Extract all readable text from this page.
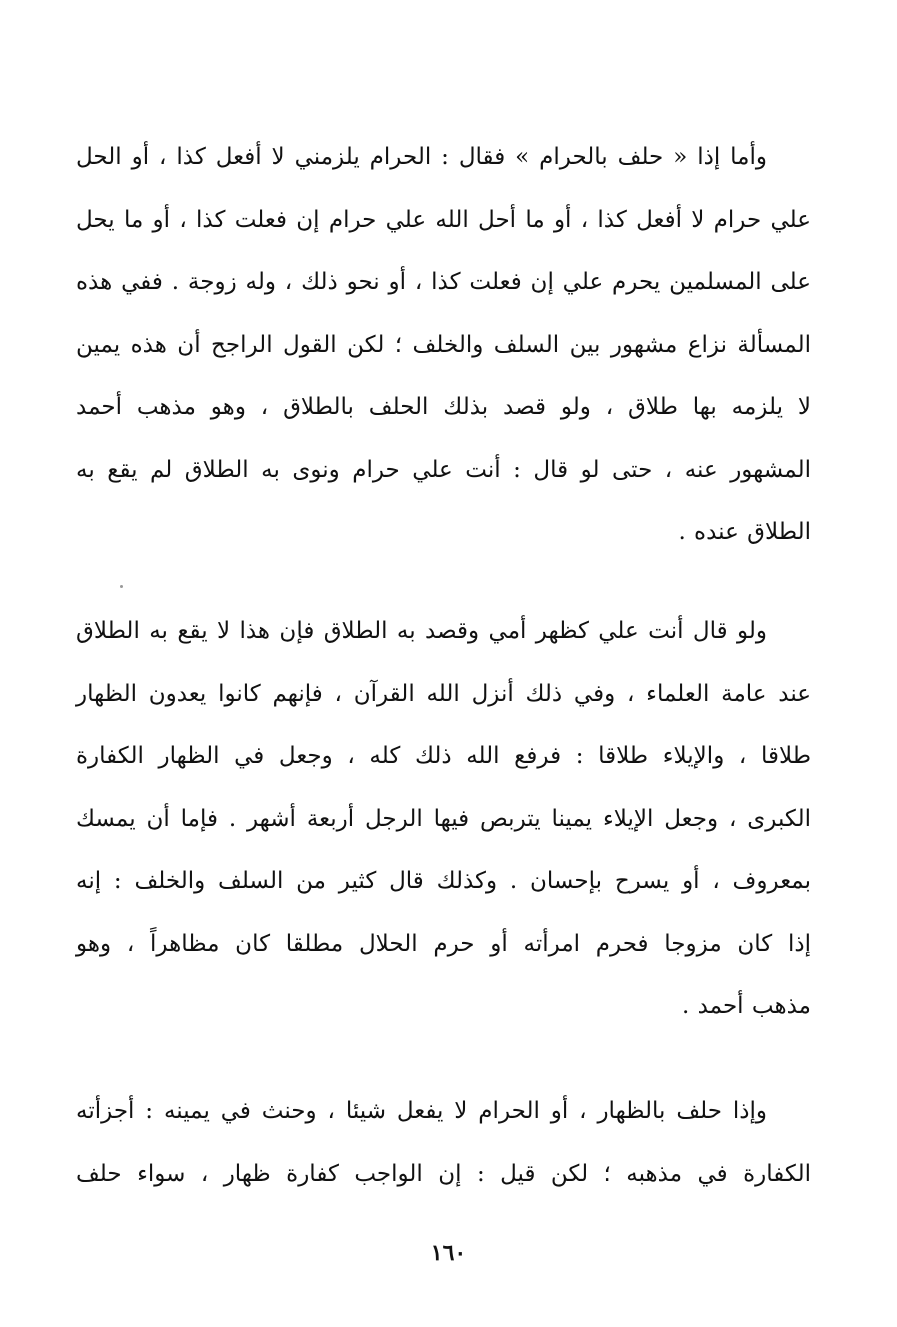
وأما إذا « حلف بالحرام » فقال : الحرام يلزمني لا أفعل كذا ، أو الحل
علي حرام لا أفعل كذا ، أو ما أحل الله علي حرام إن فعلت كذا ، أو ما يحل
على المسلمين يحرم علي إن فعلت كذا ، أو نحو ذلك ، وله زوجة . ففي هذه
المسألة نزاع مشهور بين السلف والخلف ؛ لكن القول الراجح أن هذه يمين
لا يلزمه بها طلاق ، ولو قصد بذلك الحلف بالطلاق ، وهو مذهب أحمد
المشهور عنه ، حتى لو قال : أنت علي حرام ونوى به الطلاق لم يقع به
الطلاق عنده .
ولو قال أنت علي كظهر أمي وقصد به الطلاق فإن هذا لا يقع به الطلاق
عند عامة العلماء ، وفي ذلك أنزل الله القرآن ، فإنهم كانوا يعدون الظهار
طلاقا ، والإيلاء طلاقا : فرفع الله ذلك كله ، وجعل في الظهار الكفارة
الكبرى ، وجعل الإيلاء يمينا يتربص فيها الرجل أربعة أشهر . فإما أن يمسك
بمعروف ، أو يسرح بإحسان . وكذلك قال كثير من السلف والخلف : إنه
إذا كان مزوجا فحرم امرأته أو حرم الحلال مطلقا كان مظاهراً ، وهو
مذهب أحمد .
وإذا حلف بالظهار ، أو الحرام لا يفعل شيئا ، وحنث في يمينه : أجزأته
الكفارة في مذهبه ؛ لكن قيل : إن الواجب كفارة ظهار ، سواء حلف
١٦٠
